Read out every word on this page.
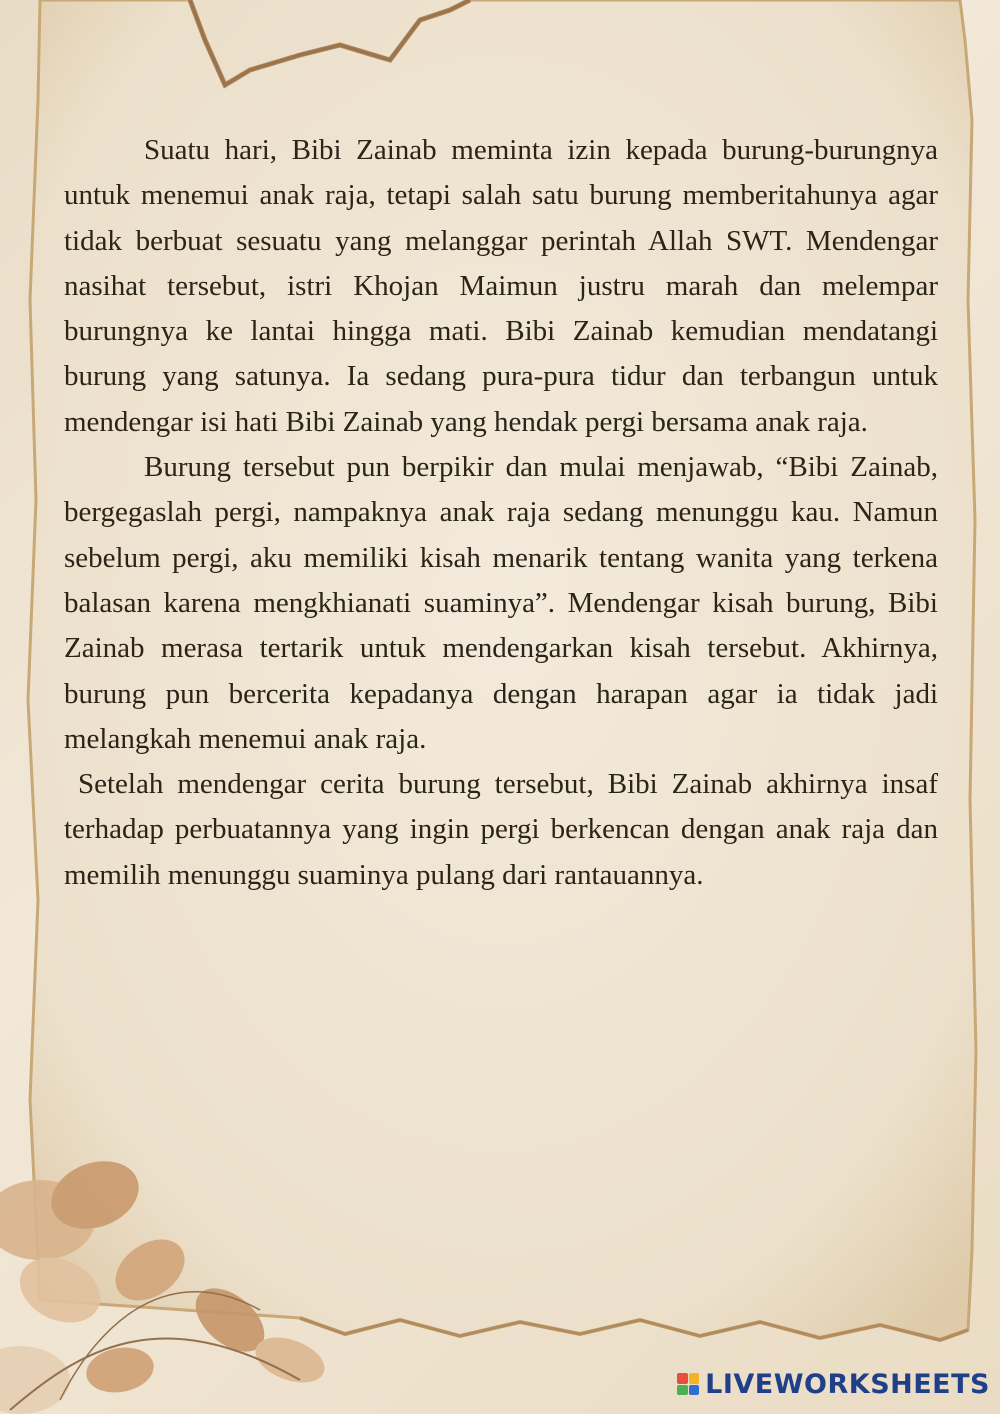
Suatu hari, Bibi Zainab meminta izin kepada burung-burungnya untuk menemui anak raja, tetapi salah satu burung memberitahunya agar tidak berbuat sesuatu yang melanggar perintah Allah SWT. Mendengar nasihat tersebut, istri Khojan Maimun justru marah dan melempar burungnya ke lantai hingga mati. Bibi Zainab kemudian mendatangi burung yang satunya. Ia sedang pura-pura tidur dan terbangun untuk mendengar isi hati Bibi Zainab yang hendak pergi bersama anak raja.

Burung tersebut pun berpikir dan mulai menjawab, “Bibi Zainab, bergegaslah pergi, nampaknya anak raja sedang menunggu kau. Namun sebelum pergi, aku memiliki kisah menarik tentang wanita yang terkena balasan karena mengkhianati suaminya”. Mendengar kisah burung, Bibi Zainab merasa tertarik untuk mendengarkan kisah tersebut. Akhirnya, burung pun bercerita kepadanya dengan harapan agar ia tidak jadi melangkah menemui anak raja.

Setelah mendengar cerita burung tersebut, Bibi Zainab akhirnya insaf terhadap perbuatannya yang ingin pergi berkencan dengan anak raja dan memilih menunggu suaminya pulang dari rantauannya.

LIVEWORKSHEETS
